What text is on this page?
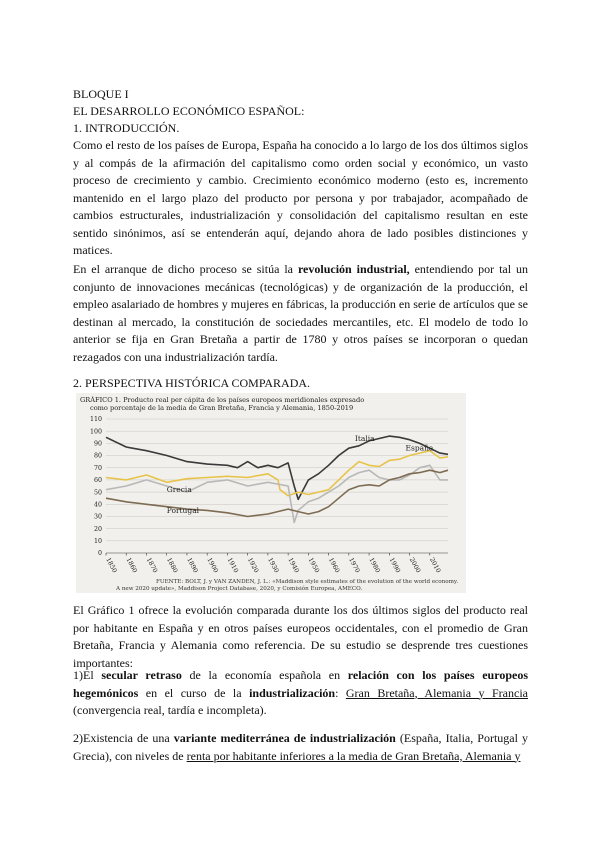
BLOQUE I

EL DESARROLLO ECONÓMICO ESPAÑOL:

1. INTRODUCCIÓN.

Como el resto de los países de Europa, España ha conocido a lo largo de los dos últimos siglos y al compás de la afirmación del capitalismo como orden social y económico, un vasto proceso de crecimiento y cambio. Crecimiento económico moderno (esto es, incremento mantenido en el largo plazo del producto por persona y por trabajador, acompañado de cambios estructurales, industrialización y consolidación del capitalismo resultan en este sentido sinónimos, así se entenderán aquí, dejando ahora de lado posibles distinciones y matices.

En el arranque de dicho proceso se sitúa la revolución industrial, entendiendo por tal un conjunto de innovaciones mecánicas (tecnológicas) y de organización de la producción, el empleo asalariado de hombres y mujeres en fábricas, la producción en serie de artículos que se destinan al mercado, la constitución de sociedades mercantiles, etc. El modelo de todo lo anterior se fija en Gran Bretaña a partir de 1780 y otros países se incorporan o quedan rezagados con una industrialización tardía.

2. PERSPECTIVA HISTÓRICA COMPARADA.

GRÁFICO 1. Producto real per cápita de los países europeos meridionales expresado
como porcentaje de la media de Gran Bretaña, Francia y Alemania, 1850-2019
0
10
20
30
40
50
60
70
80
90
100
110
1850 1860 1870 1880 1890 1900 1910 1920 1930 1940 1950 1960 1970 1980 1990 2000 2010
Italia
España
Grecia
Portugal
FUENTE: BOLT, J. y VAN ZANDEN, J. L.: «Maddison style estimates of the evolution of the world economy.
A new 2020 update», Maddison Project Database, 2020, y Comisión Europea, AMECO.

El Gráfico 1 ofrece la evolución comparada durante los dos últimos siglos del producto real por habitante en España y en otros países europeos occidentales, con el promedio de Gran Bretaña, Francia y Alemania como referencia. De su estudio se desprende tres cuestiones importantes:

1)El secular retraso de la economía española en relación con los países europeos hegemónicos en el curso de la industrialización: Gran Bretaña, Alemania y Francia (convergencia real, tardía e incompleta).

2)Existencia de una variante mediterránea de industrialización (España, Italia, Portugal y Grecia), con niveles de renta por habitante inferiores a la media de Gran Bretaña, Alemania y
